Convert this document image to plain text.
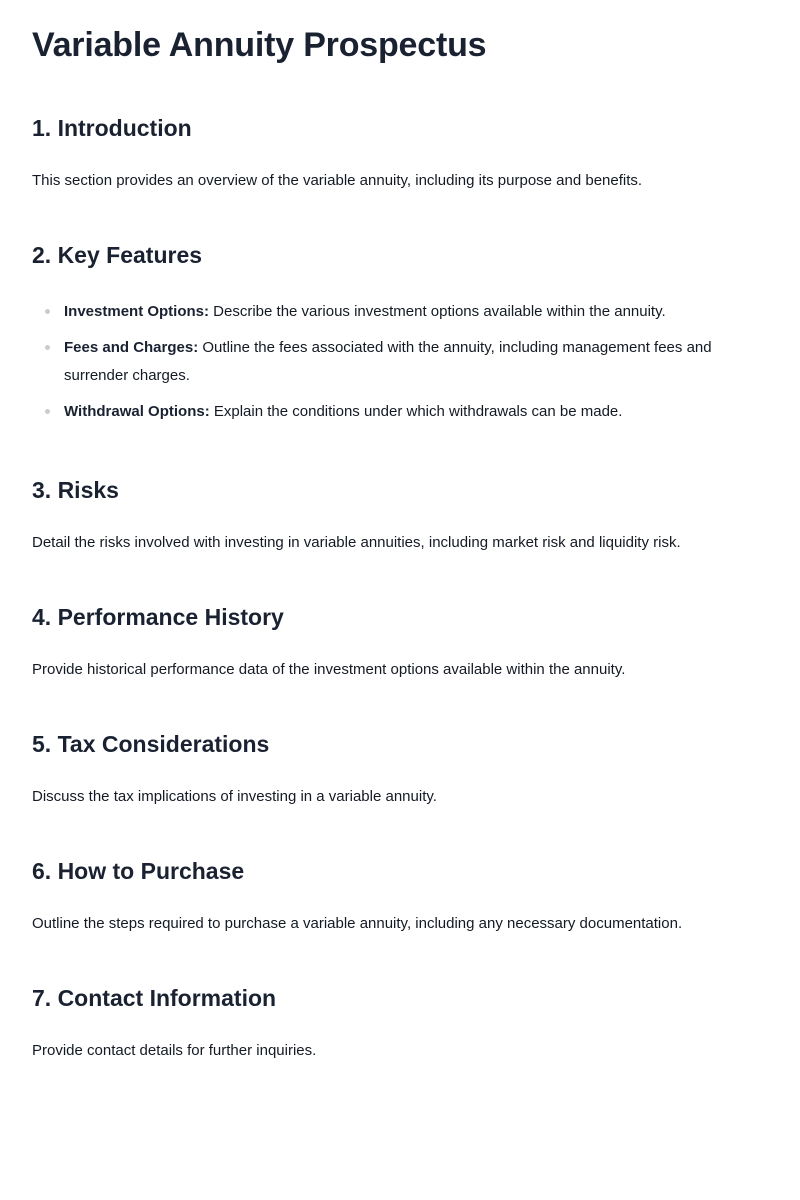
Variable Annuity Prospectus
1. Introduction

This section provides an overview of the variable annuity, including its purpose and benefits.

2. Key Features
Investment Options: Describe the various investment options available within the annuity.
Fees and Charges: Outline the fees associated with the annuity, including management fees and surrender charges.
Withdrawal Options: Explain the conditions under which withdrawals can be made.
3. Risks

Detail the risks involved with investing in variable annuities, including market risk and liquidity risk.

4. Performance History

Provide historical performance data of the investment options available within the annuity.

5. Tax Considerations

Discuss the tax implications of investing in a variable annuity.

6. How to Purchase

Outline the steps required to purchase a variable annuity, including any necessary documentation.

7. Contact Information

Provide contact details for further inquiries.
